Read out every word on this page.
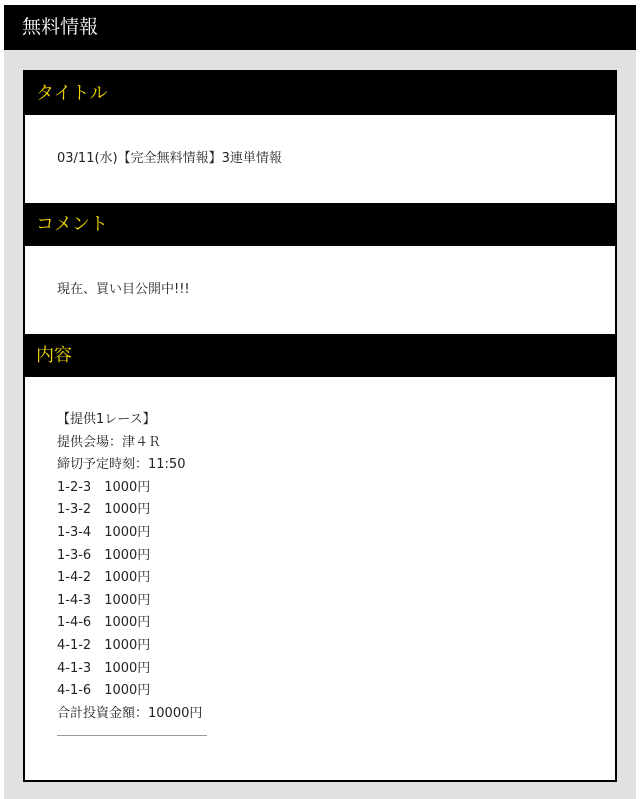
無料情報
タイトル
03/11(水)【完全無料情報】3連単情報
コメント
現在、買い目公開中!!!
内容
【提供1レース】
提供会場：津４Ｒ
締切予定時刻：11:50
1-2-3　1000円
1-3-2　1000円
1-3-4　1000円
1-3-6　1000円
1-4-2　1000円
1-4-3　1000円
1-4-6　1000円
4-1-2　1000円
4-1-3　1000円
4-1-6　1000円
合計投資金額：10000円
